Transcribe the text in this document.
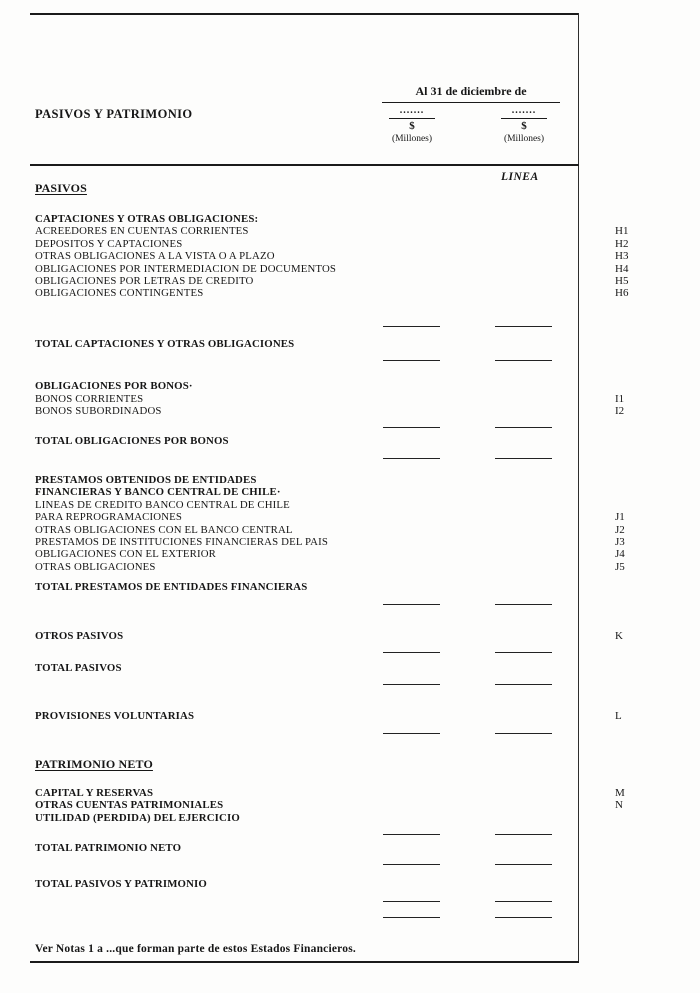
PASIVOS Y PATRIMONIO
Al 31 de diciembre de
.......
$
(Millones)
.......
$
(Millones)
LINEA
PASIVOS
CAPTACIONES Y OTRAS OBLIGACIONES:
ACREEDORES EN CUENTAS CORRIENTES	H1
DEPOSITOS Y CAPTACIONES	H2
OTRAS OBLIGACIONES A LA VISTA O A PLAZO	H3
OBLIGACIONES POR INTERMEDIACION DE DOCUMENTOS	H4
OBLIGACIONES POR LETRAS DE CREDITO	H5
OBLIGACIONES CONTINGENTES	H6
TOTAL CAPTACIONES Y OTRAS OBLIGACIONES
OBLIGACIONES POR BONOS·
BONOS CORRIENTES	I1
BONOS SUBORDINADOS	I2
TOTAL OBLIGACIONES POR BONOS
PRESTAMOS OBTENIDOS DE ENTIDADES
FINANCIERAS Y BANCO CENTRAL DE CHILE·
LINEAS DE CREDITO BANCO CENTRAL DE CHILE
PARA REPROGRAMACIONES	J1
OTRAS OBLIGACIONES CON EL BANCO CENTRAL	J2
PRESTAMOS DE INSTITUCIONES FINANCIERAS DEL PAIS	J3
OBLIGACIONES CON EL EXTERIOR	J4
OTRAS OBLIGACIONES	J5
TOTAL PRESTAMOS DE ENTIDADES FINANCIERAS
OTROS PASIVOS	K
TOTAL PASIVOS
PROVISIONES VOLUNTARIAS	L
PATRIMONIO NETO
CAPITAL Y RESERVAS	M
OTRAS CUENTAS PATRIMONIALES	N
UTILIDAD (PERDIDA) DEL EJERCICIO
TOTAL PATRIMONIO NETO
TOTAL PASIVOS Y PATRIMONIO
Ver Notas 1 a ...que forman parte de estos Estados Financieros.
